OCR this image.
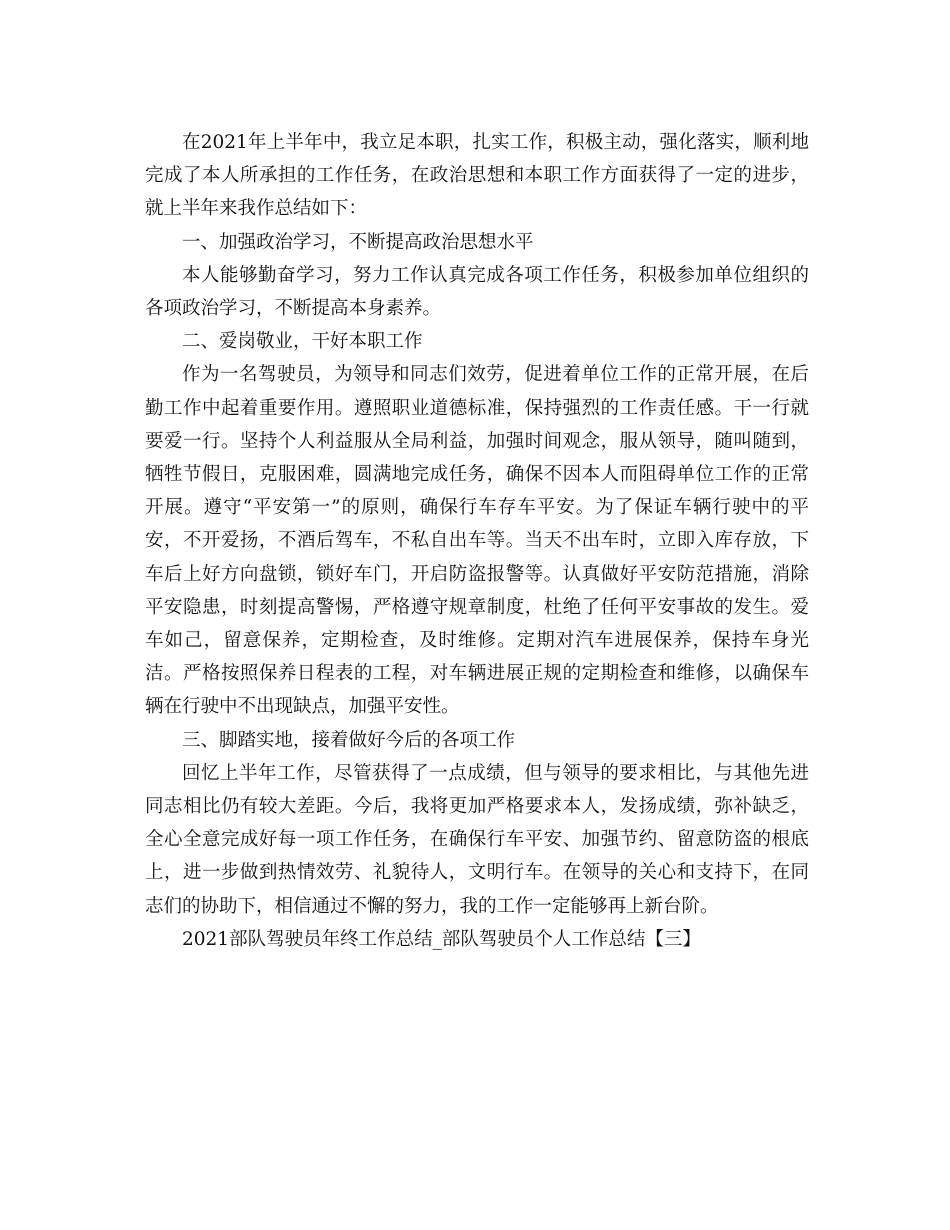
在2021年上半年中，我立足本职，扎实工作，积极主动，强化落实，顺利地完成了本人所承担的工作任务，在政治思想和本职工作方面获得了一定的进步，就上半年来我作总结如下：

一、加强政治学习，不断提高政治思想水平

本人能够勤奋学习，努力工作认真完成各项工作任务，积极参加单位组织的各项政治学习，不断提高本身素养。

二、爱岗敬业，干好本职工作

作为一名驾驶员，为领导和同志们效劳，促进着单位工作的正常开展，在后勤工作中起着重要作用。遵照职业道德标准，保持强烈的工作责任感。干一行就要爱一行。坚持个人利益服从全局利益，加强时间观念，服从领导，随叫随到，牺牲节假日，克服困难，圆满地完成任务，确保不因本人而阻碍单位工作的正常开展。遵守“平安第一”的原则，确保行车存车平安。为了保证车辆行驶中的平安，不开爱扬，不酒后驾车，不私自出车等。当天不出车时，立即入库存放，下车后上好方向盘锁，锁好车门，开启防盗报警等。认真做好平安防范措施，消除平安隐患，时刻提高警惕，严格遵守规章制度，杜绝了任何平安事故的发生。爱车如己，留意保养，定期检查，及时维修。定期对汽车进展保养，保持车身光洁。严格按照保养日程表的工程，对车辆进展正规的定期检查和维修，以确保车辆在行驶中不出现缺点，加强平安性。

三、脚踏实地，接着做好今后的各项工作

回忆上半年工作，尽管获得了一点成绩，但与领导的要求相比，与其他先进同志相比仍有较大差距。今后，我将更加严格要求本人，发扬成绩，弥补缺乏，全心全意完成好每一项工作任务，在确保行车平安、加强节约、留意防盗的根底上，进一步做到热情效劳、礼貌待人，文明行车。在领导的关心和支持下，在同志们的协助下，相信通过不懈的努力，我的工作一定能够再上新台阶。

2021部队驾驶员年终工作总结_部队驾驶员个人工作总结【三】
